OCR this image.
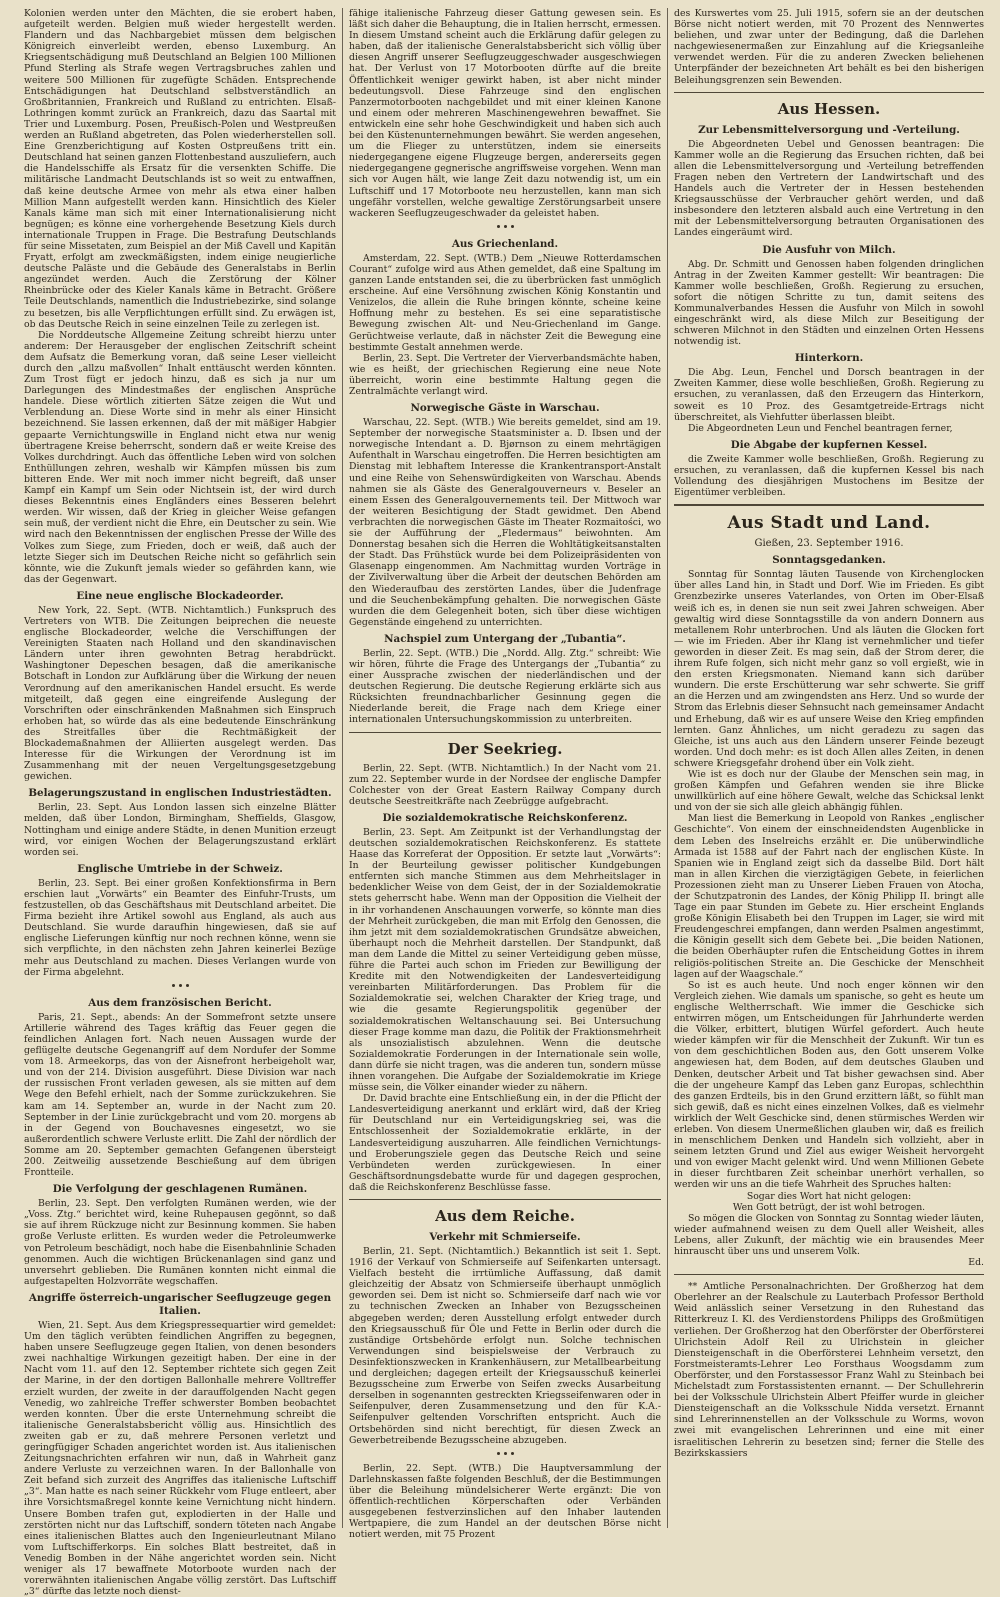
Kolonien werden unter den Mächten, die sie erobert haben, aufgeteilt werden. Belgien muß wieder hergestellt werden. Flandern und das Nachbargebiet müssen dem belgischen Königreich einverleibt werden, ebenso Luxemburg. An Kriegsentschädigung muß Deutschland an Belgien 100 Millionen Pfund Sterling als Strafe wegen Vertragsbruches zahlen und weitere 500 Millionen für zugefügte Schäden. Entsprechende Entschädigungen hat Deutschland selbstverständlich an Großbritannien, Frankreich und Rußland zu entrichten. Elsaß-Lothringen kommt zurück an Frankreich, dazu das Saartal mit Trier und Luxemburg. Posen, Preußisch-Polen und Westpreußen werden an Rußland abgetreten, das Polen wiederherstellen soll. Eine Grenzberichtigung auf Kosten Ostpreußens tritt ein. Deutschland hat seinen ganzen Flottenbestand auszuliefern, auch die Handelsschiffe als Ersatz für die versenkten Schiffe. Die militärische Landmacht Deutschlands ist so weit zu entwaffnen, daß keine deutsche Armee von mehr als etwa einer halben Million Mann aufgestellt werden kann. Hinsichtlich des Kieler Kanals käme man sich mit einer Internationalisierung nicht begnügen; es könne eine vorhergehende Besetzung Kiels durch internationale Truppen in Frage. Die Bestrafung Deutschlands für seine Missetaten, zum Beispiel an der Miß Cavell und Kapitän Fryatt, erfolgt am zweckmäßigsten, indem einige neugierliche deutsche Paläste und die Gebäude des Generalstabs in Berlin angezündet werden. Auch die Zerstörung der Kölner Rheinbrücke oder des Kieler Kanals käme in Betracht. Größere Teile Deutschlands, namentlich die Industriebezirke, sind solange zu besetzen, bis alle Verpflichtungen erfüllt sind. Zu erwägen ist, ob das Deutsche Reich in seine einzelnen Teile zu zerlegen ist.

Die Norddeutsche Allgemeine Zeitung schreibt hierzu unter anderem: Der Herausgeber der englischen Zeitschrift scheint dem Aufsatz die Bemerkung voran, daß seine Leser vielleicht durch den „allzu maßvollen“ Inhalt enttäuscht werden könnten. Zum Trost fügt er jedoch hinzu, daß es sich ja nur um Darlegungen des Mindestmaßes der englischen Ansprüche handele. Diese wörtlich zitierten Sätze zeigen die Wut und Verblendung an. Diese Worte sind in mehr als einer Hinsicht bezeichnend. Sie lassen erkennen, daß der mit mäßiger Habgier gepaarte Vernichtungswille in England nicht etwa nur wenig übertragene Kreise beherrscht, sondern daß er weite Kreise des Volkes durchdringt. Auch das öffentliche Leben wird von solchen Enthüllungen zehren, weshalb wir Kämpfen müssen bis zum bitteren Ende. Wer mit noch immer nicht begreift, daß unser Kampf ein Kampf um Sein oder Nichtsein ist, der wird durch dieses Bekenntnis eines Engländers eines Besseren belehrt werden. Wir wissen, daß der Krieg in gleicher Weise gefangen sein muß, der verdient nicht die Ehre, ein Deutscher zu sein. Wie wird nach den Bekenntnissen der englischen Presse der Wille des Volkes zum Siege, zum Frieden, doch er weiß, daß auch der letzte Sieger sich im Deutschen Reiche nicht so gefährlich sein könnte, wie die Zukunft jemals wieder so gefährden kann, wie das der Gegenwart.

Eine neue englische Blockadeorder.

New York, 22. Sept. (WTB. Nichtamtlich.) Funkspruch des Vertreters von WTB. Die Zeitungen beiprechen die neueste englische Blockadeorder, welche die Verschiffungen der Vereinigten Staaten nach Holland und den skandinavischen Ländern unter ihren gewohnten Betrag herabdrückt. Washingtoner Depeschen besagen, daß die amerikanische Botschaft in London zur Aufklärung über die Wirkung der neuen Verordnung auf den amerikanischen Handel ersucht. Es werde mitgeteilt, daß gegen eine eingreifende Auslegung der Vorschriften oder einschränkenden Maßnahmen sich Einspruch erhoben hat, so würde das als eine bedeutende Einschränkung des Streitfalles über die Rechtmäßigkeit der Blockademaßnahmen der Alliierten ausgelegt werden. Das Interesse für die Wirkungen der Verordnung ist im Zusammenhang mit der neuen Vergeltungsgesetzgebung gewichen.

Belagerungszustand in englischen Industriestädten.

Berlin, 23. Sept. Aus London lassen sich einzelne Blätter melden, daß über London, Birmingham, Sheffields, Glasgow, Nottingham und einige andere Städte, in denen Munition erzeugt wird, vor einigen Wochen der Belagerungszustand erklärt worden sei.

Englische Umtriebe in der Schweiz.

Berlin, 23. Sept. Bei einer großen Konfektionsfirma in Bern erschien laut „Vorwärts“ ein Beamter des Einfuhr-Trusts, um festzustellen, ob das Geschäftshaus mit Deutschland arbeitet. Die Firma bezieht ihre Artikel sowohl aus England, als auch aus Deutschland. Sie wurde daraufhin hingewiesen, daß sie auf englische Lieferungen künftig nur noch rechnen könne, wenn sie sich verpflichte, in den nächsten zehn Jahren keinerlei Bezüge mehr aus Deutschland zu machen. Dieses Verlangen wurde von der Firma abgelehnt.

Aus dem französischen Bericht.

Paris, 21. Sept., abends: An der Sommefront setzte unsere Artillerie während des Tages kräftig das Feuer gegen die feindlichen Anlagen fort. Nach neuen Aussagen wurde der geflügelte deutsche Gegenangriff auf dem Nordufer der Somme vom 18. Armeekorps, das von der Aisnefront herbeigeholt war, und von der 214. Division ausgeführt. Diese Division war nach der russischen Front verladen gewesen, als sie mitten auf dem Wege den Befehl erhielt, nach der Somme zurückzukehren. Sie kam am 14. September an, wurde in der Nacht zum 20. September in der Linie zurückgebracht und vom 20. morgens ab in der Gegend von Bouchavesnes eingesetzt, wo sie außerordentlich schwere Verluste erlitt. Die Zahl der nördlich der Somme am 20. September gemachten Gefangenen übersteigt 200. Zeitweilig aussetzende Beschießung auf dem übrigen Frontteile.

Die Verfolgung der geschlagenen Rumänen.

Berlin, 23. Sept. Den verfolgten Rumänen werden, wie der „Voss. Ztg.“ berichtet wird, keine Ruhepausen gegönnt, so daß sie auf ihrem Rückzuge nicht zur Besinnung kommen. Sie haben große Verluste erlitten. Es wurden weder die Petroleumwerke von Petroleum beschädigt, noch habe die Eisenbahnlinie Schaden genommen. Auch die wichtigen Brückenanlagen sind ganz und unversehrt geblieben. Die Rumänen konnten nicht einmal die aufgestapelten Holzvorräte wegschaffen.

Angriffe österreich-ungarischer Seeflugzeuge gegen Italien.

Wien, 21. Sept. Aus dem Kriegspressequartier wird gemeldet: Um den täglich verübten feindlichen Angriffen zu begegnen, haben unsere Seeflugzeuge gegen Italien, von denen besonders zwei nachhaltige Wirkungen gezeitigt haben. Der eine in der Nacht vom 11. auf den 12. September richtete sich gegen Zeit der Marine, in der den dortigen Ballonhalle mehrere Volltreffer erzielt wurden, der zweite in der darauffolgenden Nacht gegen Venedig, wo zahlreiche Treffer schwerster Bomben beobachtet werden konnten. Über die erste Unternehmung schreibt die italienische Generalstabsbericht völlig aus. Hinsichtlich des zweiten gab er zu, daß mehrere Personen verletzt und geringfügiger Schaden angerichtet worden ist. Aus italienischen Zeitungsnachrichten erfahren wir nun, daß in Wahrheit ganz andere Verluste zu verzeichnen waren. In der Ballonhalle von Zeit befand sich zurzeit des Angriffes das italienische Luftschiff „3“. Man hatte es nach seiner Rückkehr vom Fluge entleert, aber ihre Vorsichtsmaßregel konnte keine Vernichtung nicht hindern. Unsere Bomben trafen gut, explodierten in der Halle und zerstörten nicht nur das Luftschiff, sondern töteten nach Angabe eines italienischen Blattes auch den Ingenieurleutnant Milano vom Luftschifferkorps. Ein solches Blatt bestreitet, daß in Venedig Bomben in der Nähe angerichtet worden sein. Nicht weniger als 17 bewaffnete Motorboote wurden nach der vorerwähnten italienischen Angabe völlig zerstört. Das Luftschiff „3“ dürfte das letzte noch dienst-

fähige italienische Fahrzeug dieser Gattung gewesen sein. Es läßt sich daher die Behauptung, die in Italien herrscht, ermessen. In diesem Umstand scheint auch die Erklärung dafür gelegen zu haben, daß der italienische Generalstabsbericht sich völlig über diesen Angriff unserer Seeflugzeuggeschwader ausgeschwiegen hat. Der Verlust von 17 Motorbooten dürfte auf die breite Öffentlichkeit weniger gewirkt haben, ist aber nicht minder bedeutungsvoll. Diese Fahrzeuge sind den englischen Panzermotorbooten nachgebildet und mit einer kleinen Kanone und einem oder mehreren Maschinengewehren bewaffnet. Sie entwickeln eine sehr hohe Geschwindigkeit und haben sich auch bei den Küstenunternehmungen bewährt. Sie werden angesehen, um die Flieger zu unterstützen, indem sie einerseits niedergegangene eigene Flugzeuge bergen, andererseits gegen niedergegangene gegnerische angriffsweise vorgehen. Wenn man sich vor Augen hält, wie lange Zeit dazu notwendig ist, um ein Luftschiff und 17 Motorboote neu herzustellen, kann man sich ungefähr vorstellen, welche gewaltige Zerstörungsarbeit unsere wackeren Seeflugzeugeschwader da geleistet haben.

Aus Griechenland.

Amsterdam, 22. Sept. (WTB.) Dem „Nieuwe Rotterdamschen Courant“ zufolge wird aus Athen gemeldet, daß eine Spaltung im ganzen Lande entstanden sei, die zu überbrücken fast unmöglich erscheine. Auf eine Versöhnung zwischen König Konstantin und Venizelos, die allein die Ruhe bringen könnte, scheine keine Hoffnung mehr zu bestehen. Es sei eine separatistische Bewegung zwischen Alt- und Neu-Griechenland im Gange. Gerüchtweise verlaute, daß in nächster Zeit die Bewegung eine bestimmte Gestalt annehmen werde.

Berlin, 23. Sept. Die Vertreter der Vierverbandsmächte haben, wie es heißt, der griechischen Regierung eine neue Note überreicht, worin eine bestimmte Haltung gegen die Zentralmächte verlangt wird.

Norwegische Gäste in Warschau.

Warschau, 22. Sept. (WTB.) Wie bereits gemeldet, sind am 19. September der norwegische Staatsminister a. D. Ibsen und der norwegische Intendant a. D. Bjørnson zu einem mehrtägigen Aufenthalt in Warschau eingetroffen. Die Herren besichtigten am Dienstag mit lebhaftem Interesse die Krankentransport-Anstalt und eine Reihe von Sehenswürdigkeiten von Warschau. Abends nahmen sie als Gäste des Generalgouverneurs v. Beseler an einem Essen des Generalgouvernements teil. Der Mittwoch war der weiteren Besichtigung der Stadt gewidmet. Den Abend verbrachten die norwegischen Gäste im Theater Rozmaitości, wo sie der Aufführung der „Fledermaus“ beiwohnten. Am Donnerstag besahen sich die Herren die Wohltätigkeitsanstalten der Stadt. Das Frühstück wurde bei dem Polizeipräsidenten von Glasenapp eingenommen. Am Nachmittag wurden Vorträge in der Zivilverwaltung über die Arbeit der deutschen Behörden am den Wiederaufbau des zerstörten Landes, über die Judenfrage und die Seuchenbekämpfung gehalten. Die norwegischen Gäste wurden die dem Gelegenheit boten, sich über diese wichtigen Gegenstände eingehend zu unterrichten.

Nachspiel zum Untergang der „Tubantia“.

Berlin, 22. Sept. (WTB.) Die „Nordd. Allg. Ztg.“ schreibt: Wie wir hören, führte die Frage des Untergangs der „Tubantia“ zu einer Aussprache zwischen der niederländischen und der deutschen Regierung. Die deutsche Regierung erklärte sich aus Rücksichten freundnachbarlicher Gesinnung gegen die Niederlande bereit, die Frage nach dem Kriege einer internationalen Untersuchungskommission zu unterbreiten.

Der Seekrieg.

Berlin, 22. Sept. (WTB. Nichtamtlich.) In der Nacht vom 21. zum 22. September wurde in der Nordsee der englische Dampfer Colchester von der Great Eastern Railway Company durch deutsche Seestreitkräfte nach Zeebrügge aufgebracht.

Die sozialdemokratische Reichskonferenz.

Berlin, 23. Sept. Am Zeitpunkt ist der Verhandlungstag der deutschen sozialdemokratischen Reichskonferenz. Es stattete Haase das Korreferat der Opposition. Er setzte laut „Vorwärts“: In der Beurteilung gewisser politischer Kundgebungen entfernten sich manche Stimmen aus dem Mehrheitslager in bedenklicher Weise von dem Geist, der in der Sozialdemokratie stets geherrscht habe. Wenn man der Opposition die Vielheit der in ihr vorhandenen Anschauungen vorwerfe, so könnte man dies der Mehrheit zurückgeben, die man mit Erfolg den Genossen, die ihm jetzt mit dem sozialdemokratischen Grundsätze abweichen, überhaupt noch die Mehrheit darstellen. Der Standpunkt, daß man dem Lande die Mittel zu seiner Verteidigung geben müsse, führe die Partei auch schon im Frieden zur Bewilligung der Kredite mit den Notwendigkeiten der Landesverteidigung vereinbarten Militärforderungen. Das Problem für die Sozialdemokratie sei, welchen Charakter der Krieg trage, und wie die gesamte Regierungspolitik gegenüber der sozialdemokratischen Weltanschauung sei. Bei Untersuchung dieser Frage komme man dazu, die Politik der Fraktionsmehrheit als unsozialistisch abzulehnen. Wenn die deutsche Sozialdemokratie Forderungen in der Internationale sein wolle, dann dürfe sie nicht tragen, was die anderen tun, sondern müsse ihnen vorangehen. Die Aufgabe der Sozialdemokratie im Kriege müsse sein, die Völker einander wieder zu nähern.

Dr. David brachte eine Entschließung ein, in der die Pflicht der Landesverteidigung anerkannt und erklärt wird, daß der Krieg für Deutschland nur ein Verteidigungskrieg sei, was die Entschlossenheit der Sozialdemokratie erklärte, in der Landesverteidigung auszuharren. Alle feindlichen Vernichtungs- und Eroberungsziele gegen das Deutsche Reich und seine Verbündeten werden zurückgewiesen. In einer Geschäftsordnungsdebatte wurde für und dagegen gesprochen, daß die Reichskonferenz Beschlüsse fasse.

Aus dem Reiche.
Verkehr mit Schmierseife.

Berlin, 21. Sept. (Nichtamtlich.) Bekanntlich ist seit 1. Sept. 1916 der Verkauf von Schmierseife auf Seifenkarten untersagt. Vielfach besteht die irrtümliche Auffassung, daß damit gleichzeitig der Absatz von Schmierseife überhaupt unmöglich geworden sei. Dem ist nicht so. Schmierseife darf nach wie vor zu technischen Zwecken an Inhaber von Bezugsscheinen abgegeben werden; deren Ausstellung erfolgt entweder durch den Kriegsausschuß für Öle und Fette in Berlin oder durch die zuständige Ortsbehörde erfolgt nun. Solche technischen Verwendungen sind beispielsweise der Verbrauch zu Desinfektionszwecken in Krankenhäusern, zur Metallbearbeitung und dergleichen; dagegen erteilt der Kriegsausschuß keinerlei Bezugsscheine zum Erwerbe von Seifen zwecks Ausarbeitung derselben in sogenannten gestreckten Kriegsseifenwaren oder in Seifenpulver, deren Zusammensetzung und den für K.A.-Seifenpulver geltenden Vorschriften entspricht. Auch die Ortsbehörden sind nicht berechtigt, für diesen Zweck an Gewerbetreibende Bezugsscheine abzugeben.

Berlin, 22. Sept. (WTB.) Die Hauptversammlung der Darlehnskassen faßte folgenden Beschluß, der die Bestimmungen über die Beleihung mündelsicherer Werte ergänzt: Die von öffentlich-rechtlichen Körperschaften oder Verbänden ausgegebenen festverzinslichen auf den Inhaber lautenden Wertpapiere, die zum Handel an der deutschen Börse nicht notiert werden, mit 75 Prozent

des Kurswertes vom 25. Juli 1915, sofern sie an der deutschen Börse nicht notiert werden, mit 70 Prozent des Nennwertes beliehen, und zwar unter der Bedingung, daß die Darlehen nachgewiesenermaßen zur Einzahlung auf die Kriegsanleihe verwendet werden. Für die zu anderen Zwecken beliehenen Unterpfänder der bezeichneten Art behält es bei den bisherigen Beleihungsgrenzen sein Bewenden.

Aus Hessen.
Zur Lebensmittelversorgung und -Verteilung.

Die Abgeordneten Uebel und Genossen beantragen: Die Kammer wolle an die Regierung das Ersuchen richten, daß bei allen die Lebensmittelversorgung und -Verteilung betreffenden Fragen neben den Vertretern der Landwirtschaft und des Handels auch die Vertreter der in Hessen bestehenden Kriegsausschüsse der Verbraucher gehört werden, und daß insbesondere den letzteren alsbald auch eine Vertretung in den mit der Lebensmittelversorgung betrauten Organisationen des Landes eingeräumt wird.

Die Ausfuhr von Milch.

Abg. Dr. Schmitt und Genossen haben folgenden dringlichen Antrag in der Zweiten Kammer gestellt: Wir beantragen: Die Kammer wolle beschließen, Großh. Regierung zu ersuchen, sofort die nötigen Schritte zu tun, damit seitens des Kommunalverbandes Hessen die Ausfuhr von Milch in sowohl eingeschränkt wird, als diese Milch zur Beseitigung der schweren Milchnot in den Städten und einzelnen Orten Hessens notwendig ist.

Hinterkorn.

Die Abg. Leun, Fenchel und Dorsch beantragen in der Zweiten Kammer, diese wolle beschließen, Großh. Regierung zu ersuchen, zu veranlassen, daß den Erzeugern das Hinterkorn, soweit es 10 Proz. des Gesamtgetreide-Ertrags nicht überschreitet, als Viehfutter überlassen bleibt.

Die Abgeordneten Leun und Fenchel beantragen ferner,

Die Abgabe der kupfernen Kessel.

die Zweite Kammer wolle beschließen, Großh. Regierung zu ersuchen, zu veranlassen, daß die kupfernen Kessel bis nach Vollendung des diesjährigen Mustochens im Besitze der Eigentümer verbleiben.

Aus Stadt und Land.
Gießen, 23. September 1916.
Sonntagsgedanken.

Sonntag für Sonntag läuten Tausende von Kirchenglocken über alles Land hin, in Stadt und Dorf. Wie im Frieden. Es gibt Grenzbezirke unseres Vaterlandes, von Orten im Ober-Elsaß weiß ich es, in denen sie nun seit zwei Jahren schweigen. Aber gewaltig wird diese Sonntagsstille da von andern Donnern aus metallenem Rohr unterbrochen. Und als läuten die Glocken fort — wie im Frieden. Aber ihr Klang ist vernehmlicher und tiefer geworden in dieser Zeit. Es mag sein, daß der Strom derer, die ihrem Rufe folgen, sich nicht mehr ganz so voll ergießt, wie in den ersten Kriegsmonaten. Niemand kann sich darüber wundern. Die erste Erschütterung war sehr schwerte. Sie griff an die Herzen und am zwingendsten ans Herz. Und so wurde der Strom das Erlebnis dieser Sehnsucht nach gemeinsamer Andacht und Erhebung, daß wir es auf unsere Weise den Krieg empfinden lernten. Ganz Ähnliches, um nicht geradezu zu sagen das Gleiche, ist uns auch aus den Ländern unserer Feinde bezeugt worden. Und doch mehr: es ist doch Allen alles Zeiten, in denen schwere Kriegsgefahr drohend über ein Volk zieht.

Wie ist es doch nur der Glaube der Menschen sein mag, in großen Kämpfen und Gefahren wenden sie ihre Blicke unwillkürlich auf eine höhere Gewalt, welche das Schicksal lenkt und von der sie sich alle gleich abhängig fühlen.

Man liest die Bemerkung in Leopold von Rankes „englischer Geschichte“. Von einem der einschneidendsten Augenblicke in dem Leben des Inselreichs erzählt er. Die unüberwindliche Armada ist 1588 auf der Fahrt nach der englischen Küste. In Spanien wie in England zeigt sich da dasselbe Bild. Dort hält man in allen Kirchen die vierzigtägigen Gebete, in feierlichen Prozessionen zieht man zu Unserer Lieben Frauen von Atocha, der Schutzpatronin des Landes, der König Philipp II. bringt alle Tage ein paar Stunden im Gebete zu. Hier erscheint Englands große Königin Elisabeth bei den Truppen im Lager, sie wird mit Freudengeschrei empfangen, dann werden Psalmen angestimmt, die Königin gesellt sich dem Gebete bei. „Die beiden Nationen, die beiden Oberhäupter rufen die Entscheidung Gottes in ihrem religiös-politischen Streite an. Die Geschicke der Menschheit lagen auf der Waagschale.“

So ist es auch heute. Und noch enger können wir den Vergleich ziehen. Wie damals um spanische, so geht es heute um englische Weltherrschaft. Wie immer die Geschicke sich entwirren mögen, um Entscheidungen für Jahrhunderte werden die Völker, erbittert, blutigen Würfel gefordert. Auch heute wieder kämpfen wir für die Menschheit der Zukunft. Wir tun es von dem geschichtlichen Boden aus, den Gott unserem Volke angewiesen hat, dem Boden, auf dem deutsches Glauben und Denken, deutscher Arbeit und Tat bisher gewachsen sind. Aber die der ungeheure Kampf das Leben ganz Europas, schlechthin des ganzen Erdteils, bis in den Grund erzittern läßt, so fühlt man sich gewiß, daß es nicht eines einzelnen Volkes, daß es vielmehr wirklich der Welt Geschicke sind, denen stürmisches Werden wir erleben. Von diesem Unermeßlichen glauben wir, daß es freilich in menschlichem Denken und Handeln sich vollzieht, aber in seinem letzten Grund und Ziel aus ewiger Weisheit hervorgeht und von ewiger Macht gelenkt wird. Und wenn Millionen Gebete in dieser furchtbaren Zeit scheinbar unerhört verhallen, so werden wir uns an die tiefe Wahrheit des Spruches halten:

Sogar dies Wort hat nicht gelogen:

Wen Gott betrügt, der ist wohl betrogen.

So mögen die Glocken von Sonntag zu Sonntag wieder läuten, wieder aufmahnend weisen zu dem Quell aller Weisheit, alles Lebens, aller Zukunft, der mächtig wie ein brausendes Meer hinrauscht über uns und unserem Volk.

Ed.

** Amtliche Personalnachrichten. Der Großherzog hat dem Oberlehrer an der Realschule zu Lauterbach Professor Berthold Weid anlässlich seiner Versetzung in den Ruhestand das Ritterkreuz I. Kl. des Verdienstordens Philipps des Großmütigen verliehen. Der Großherzog hat den Oberförster der Oberförsterei Ulrichstein Adolf Reil zu Ulrichstein in gleicher Diensteigenschaft in die Oberförsterei Lehnheim versetzt, den Forstmeisteramts-Lehrer Leo Forsthaus Woogsdamm zum Oberförster, und den Forstassessor Franz Wahl zu Steinbach bei Michelstadt zum Forstassistenten ernannt. — Der Schullehrerin bei der Volksschule Ulrichstein Albert Pfeiffer wurde in gleicher Diensteigenschaft an die Volksschule Nidda versetzt. Ernannt sind Lehrerinnenstellen an der Volksschule zu Worms, wovon zwei mit evangelischen Lehrerinnen und eine mit einer israelitischen Lehrerin zu besetzen sind; ferner die Stelle des Bezirkskassiers
